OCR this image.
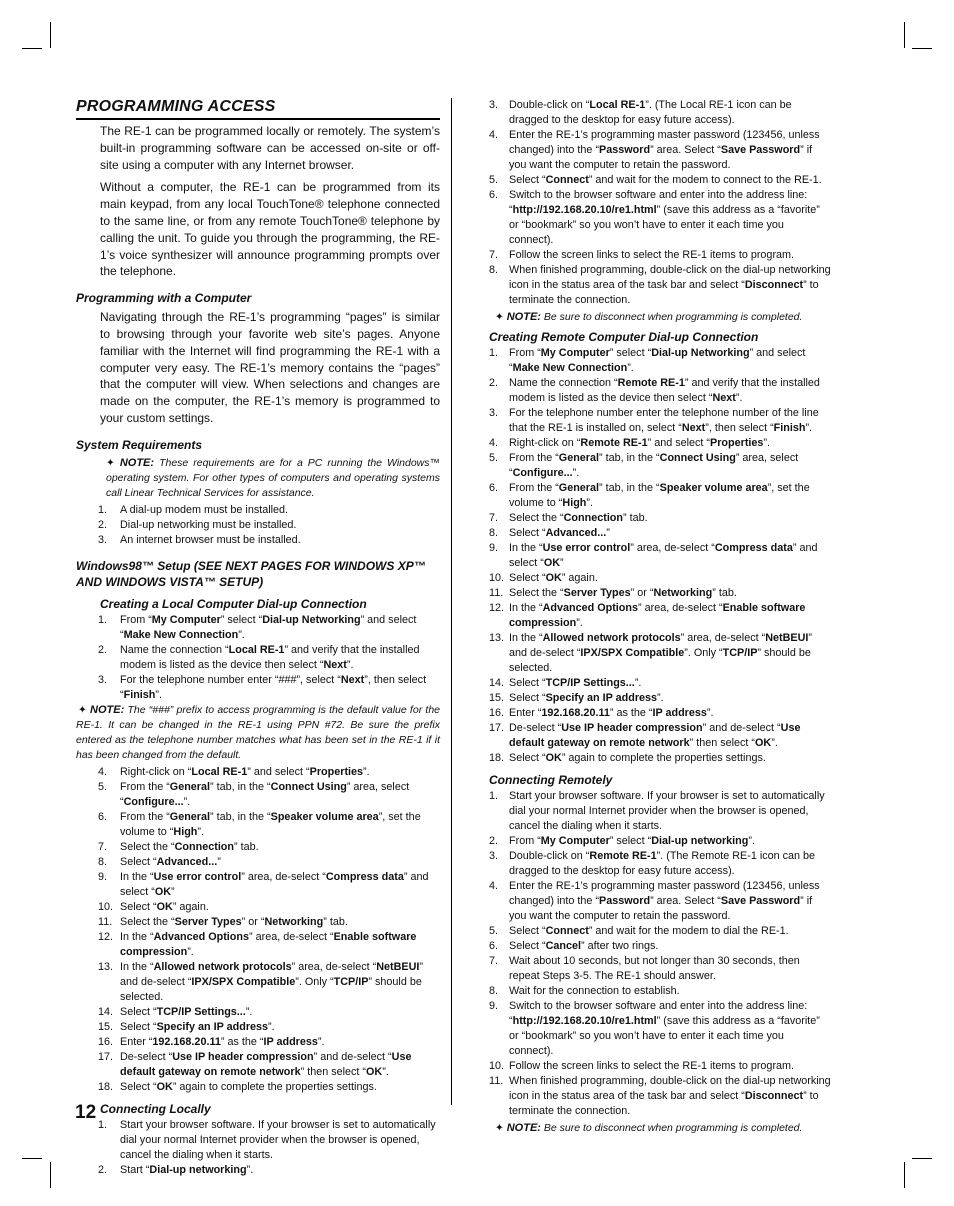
PROGRAMMING ACCESS

The RE-1 can be programmed locally or remotely. The system’s built-in programming software can be accessed on-site or off-site using a computer with any Internet browser.

Without a computer, the RE-1 can be programmed from its main keypad, from any local TouchTone® telephone connected to the same line, or from any remote TouchTone® telephone by calling the unit. To guide you through the programming, the RE-1’s voice synthesizer will announce programming prompts over the telephone.

Programming with a Computer

Navigating through the RE-1’s programming “pages” is similar to browsing through your favorite web site’s pages. Anyone familiar with the Internet will find programming the RE-1 with a computer very easy. The RE-1’s memory contains the “pages” that the computer will view. When selections and changes are made on the computer, the RE-1’s memory is programmed to your custom settings.

System Requirements
✦ NOTE: These requirements are for a PC running the Windows™ operating system. For other types of computers and operating systems call Linear Technical Services for assistance.
1. A dial-up modem must be installed.
2. Dial-up networking must be installed.
3. An internet browser must be installed.
Windows98™ Setup (SEE NEXT PAGES FOR WINDOWS XP™ AND WINDOWS VISTA™ SETUP)
Creating a Local Computer Dial-up Connection
1. From “My Computer” select “Dial-up Networking” and select “Make New Connection”.
2. Name the connection “Local RE-1” and verify that the installed modem is listed as the device then select “Next”.
3. For the telephone number enter “###”, select “Next”, then select “Finish”.
✦ NOTE: The “###” prefix to access programming is the default value for the RE-1. It can be changed in the RE-1 using PPN #72. Be sure the prefix entered as the telephone number matches what has been set in the RE-1 if it has been changed from the default.
4. Right-click on “Local RE-1” and select “Properties”.
5. From the “General” tab, in the “Connect Using” area, select “Configure...”.
6. From the “General” tab, in the “Speaker volume area”, set the volume to “High”.
7. Select the “Connection” tab.
8. Select “Advanced...”
9. In the “Use error control” area, de-select “Compress data” and select “OK”
10. Select “OK” again.
11. Select the “Server Types” or “Networking” tab.
12. In the “Advanced Options” area, de-select “Enable software compression”.
13. In the “Allowed network protocols” area, de-select “NetBEUI” and de-select “IPX/SPX Compatible”. Only “TCP/IP” should be selected.
14. Select “TCP/IP Settings...”.
15. Select “Specify an IP address”.
16. Enter “192.168.20.11” as the “IP address”.
17. De-select “Use IP header compression” and de-select “Use default gateway on remote network” then select “OK”.
18. Select “OK” again to complete the properties settings.
Connecting Locally
1. Start your browser software. If your browser is set to automatically dial your normal Internet provider when the browser is opened, cancel the dialing when it starts.
2. Start “Dial-up networking”.
3. Double-click on “Local RE-1”. (The Local RE-1 icon can be dragged to the desktop for easy future access).
4. Enter the RE-1’s programming master password (123456, unless changed) into the “Password” area. Select “Save Password” if you want the computer to retain the password.
5. Select “Connect” and wait for the modem to connect to the RE-1.
6. Switch to the browser software and enter into the address line: “http://192.168.20.10/re1.html” (save this address as a “favorite” or “bookmark” so you won’t have to enter it each time you connect).
7. Follow the screen links to select the RE-1 items to program.
8. When finished programming, double-click on the dial-up networking icon in the status area of the task bar and select “Disconnect” to terminate the connection.
✦ NOTE: Be sure to disconnect when programming is completed.
Creating Remote Computer Dial-up Connection
1. From “My Computer” select “Dial-up Networking” and select “Make New Connection”.
2. Name the connection “Remote RE-1” and verify that the installed modem is listed as the device then select “Next”.
3. For the telephone number enter the telephone number of the line that the RE-1 is installed on, select “Next”, then select “Finish”.
4. Right-click on “Remote RE-1” and select “Properties”.
5. From the “General” tab, in the “Connect Using” area, select “Configure...”.
6. From the “General” tab, in the “Speaker volume area”, set the volume to “High”.
7. Select the “Connection” tab.
8. Select “Advanced...”
9. In the “Use error control” area, de-select “Compress data” and select “OK”
10. Select “OK” again.
11. Select the “Server Types” or “Networking” tab.
12. In the “Advanced Options” area, de-select “Enable software compression”.
13. In the “Allowed network protocols” area, de-select “NetBEUI” and de-select “IPX/SPX Compatible”. Only “TCP/IP” should be selected.
14. Select “TCP/IP Settings...”.
15. Select “Specify an IP address”.
16. Enter “192.168.20.11” as the “IP address”.
17. De-select “Use IP header compression” and de-select “Use default gateway on remote network” then select “OK”.
18. Select “OK” again to complete the properties settings.
Connecting Remotely
1. Start your browser software. If your browser is set to automatically dial your normal Internet provider when the browser is opened, cancel the dialing when it starts.
2. From “My Computer” select “Dial-up networking”.
3. Double-click on “Remote RE-1”. (The Remote RE-1 icon can be dragged to the desktop for easy future access).
4. Enter the RE-1’s programming master password (123456, unless changed) into the “Password” area. Select “Save Password” if you want the computer to retain the password.
5. Select “Connect” and wait for the modem to dial the RE-1.
6. Select “Cancel” after two rings.
7. Wait about 10 seconds, but not longer than 30 seconds, then repeat Steps 3-5. The RE-1 should answer.
8. Wait for the connection to establish.
9. Switch to the browser software and enter into the address line: “http://192.168.20.10/re1.html” (save this address as a “favorite” or “bookmark” so you won’t have to enter it each time you connect).
10. Follow the screen links to select the RE-1 items to program.
11. When finished programming, double-click on the dial-up networking icon in the status area of the task bar and select “Disconnect” to terminate the connection.
✦ NOTE: Be sure to disconnect when programming is completed.
12
